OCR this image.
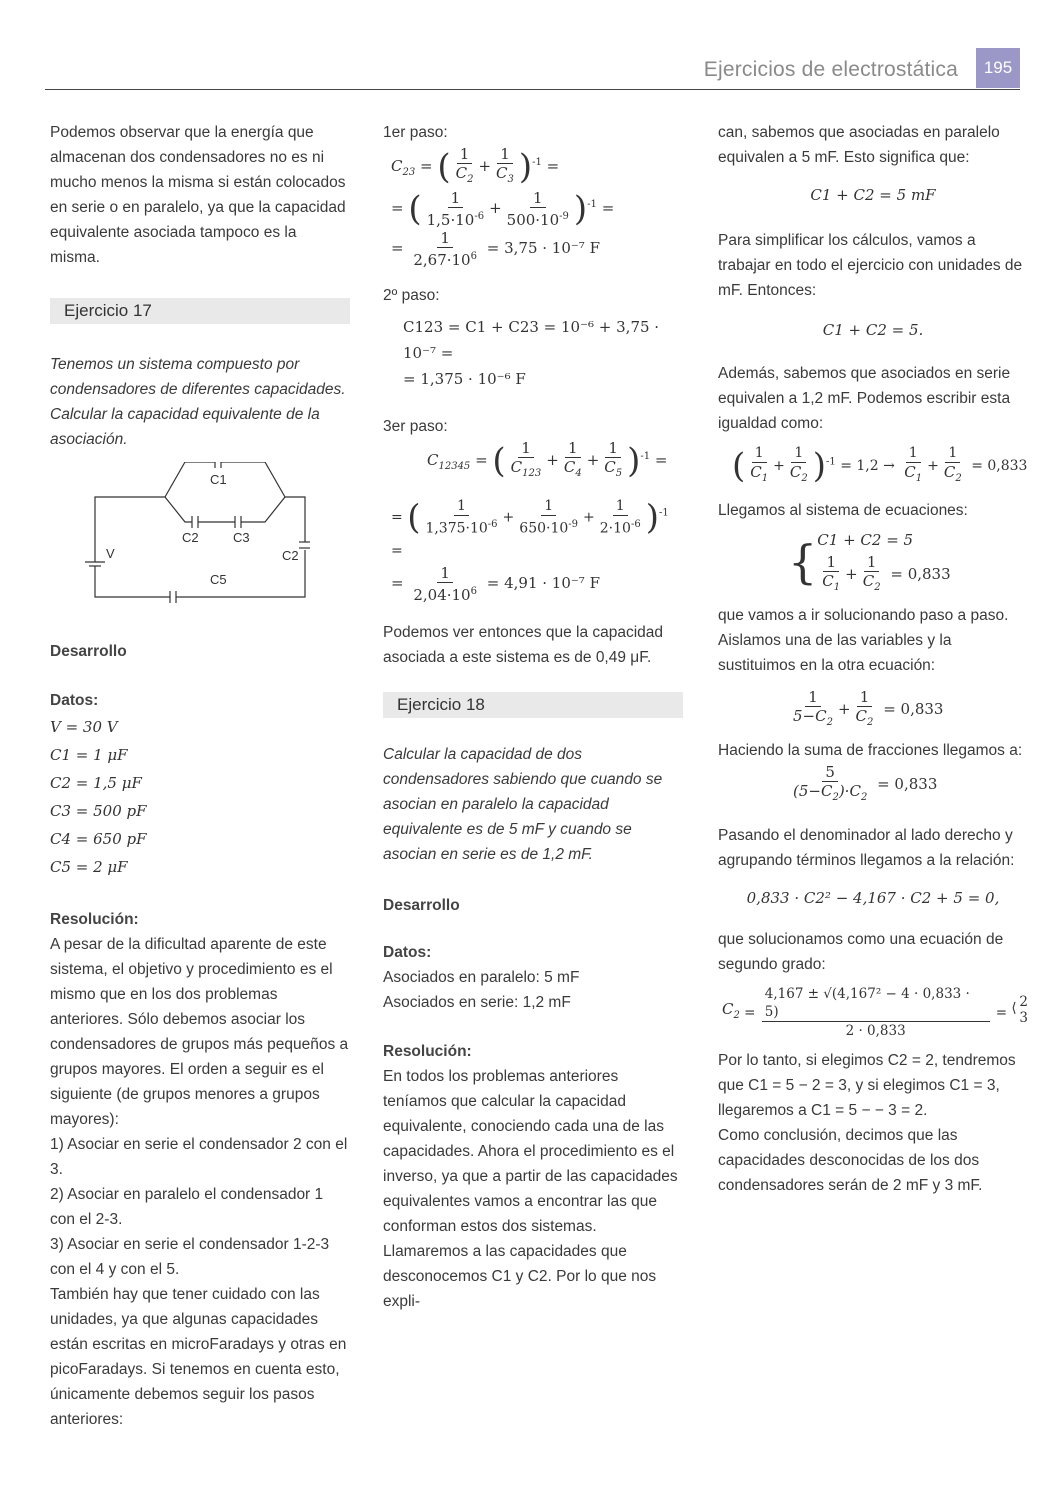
Ejercicios de electrostática	195

Podemos observar que la energía que almacenan dos condensadores no es ni mucho menos la misma si están colocados en serie o en paralelo, ya que la capacidad equivalente asociada tampoco es la misma.

Ejercicio 17

Tenemos un sistema compuesto por condensadores de diferentes capacidades. Calcular la capacidad equivalente de la asociación.

C1
C2	C3
C2
C5
V

Desarrollo

Datos:

V = 30 V
C1 = 1 μF
C2 = 1,5 μF
C3 = 500 pF
C4 = 650 pF
C5 = 2 μF

Resolución:

A pesar de la dificultad aparente de este sistema, el objetivo y procedimiento es el mismo que en los dos problemas anteriores. Sólo debemos asociar los condensadores de grupos más pequeños a grupos mayores. El orden a seguir es el siguiente (de grupos menores a grupos mayores):

1) Asociar en serie el condensador 2 con el 3.

2) Asociar en paralelo el condensador 1 con el 2-3.

3) Asociar en serie el condensador 1-2-3 con el 4 y con el 5.

También hay que tener cuidado con las unidades, ya que algunas capacidades están escritas en microFaradays y otras en picoFaradays. Si tenemos en cuenta esto, únicamente debemos seguir los pasos anteriores:

1er paso:

$C_{23}$ = ( $\frac{1}{C_2} + \frac{1}{C_3} )^{-1}$ =
= ( $\frac{1}{1,5\cdot 10^{-6}} + \frac{1}{500\cdot 10^{-9}} )^{-1}$ =
= $\frac{1}{2,67\cdot 10^6} = 3,75 \cdot 10^{-7}$ F

2º paso:

C123 = C1 + C23 = 10⁻⁶ + 3,75 · 10⁻⁷ =
= 1,375 · 10⁻⁶ F

3er paso:

$C_{12345}$ = ( $\frac{1}{C_{123}} + \frac{1}{C_4} + \frac{1}{C_5} )^{-1}$ =
= ( $\frac{1}{1,375\cdot 10^{-6}} + \frac{1}{650\cdot 10^{-9}} + \frac{1}{2\cdot 10^{-6}} )^{-1}$ =
= $\frac{1}{2,04\cdot 10^6} = 4,91 \cdot 10^{-7}$ F

Podemos ver entonces que la capacidad asociada a este sistema es de 0,49 μF.

Ejercicio 18

Calcular la capacidad de dos condensadores sabiendo que cuando se asocian en paralelo la capacidad equivalente es de 5 mF y cuando se asocian en serie es de 1,2 mF.

Desarrollo

Datos:

Asociados en paralelo: 5 mF

Asociados en serie: 1,2 mF

Resolución:

En todos los problemas anteriores teníamos que calcular la capacidad equivalente, conociendo cada una de las capacidades. Ahora el procedimiento es el inverso, ya que a partir de las capacidades equivalentes vamos a encontrar las que conforman estos dos sistemas.

Llamaremos a las capacidades que desconocemos C1 y C2. Por lo que nos expli-

can, sabemos que asociadas en paralelo equivalen a 5 mF. Esto significa que:

C1 + C2 = 5 mF

Para simplificar los cálculos, vamos a trabajar en todo el ejercicio con unidades de mF. Entonces:

C1 + C2 = 5.

Además, sabemos que asociados en serie equivalen a 1,2 mF. Podemos escribir esta igualdad como:

( $\frac{1}{C_1} + \frac{1}{C_2} )^{-1} = 1,2 \to \frac{1}{C_1} + \frac{1}{C_2} = 0,833$

Llegamos al sistema de ecuaciones:

{ C1 + C2 = 5
$\frac{1}{C_1} + \frac{1}{C_2} = 0,833$

que vamos a ir solucionando paso a paso. Aislamos una de las variables y la sustituimos en la otra ecuación:

$\frac{1}{5-C_2} + \frac{1}{C_2} = 0,833$

Haciendo la suma de fracciones llegamos a:

$\frac{5}{(5-C_2)\cdot C_2} = 0,833$

Pasando el denominador al lado derecho y agrupando términos llegamos a la relación:

0,833 · C2² − 4,167 · C2 + 5 = 0,

que solucionamos como una ecuación de segundo grado:

$C_2 = \frac{\text{4,167 ± √(4,167² − 4 · 0,833 · 5)}}{2 \cdot 0,833}$ = ⟨ 2
3

Por lo tanto, si elegimos C2 = 2, tendremos que C1 = 5 − 2 = 3, y si elegimos C1 = 3, llegaremos a C1 = 5 − − 3 = 2.

Como conclusión, decimos que las capacidades desconocidas de los dos condensadores serán de 2 mF y 3 mF.
